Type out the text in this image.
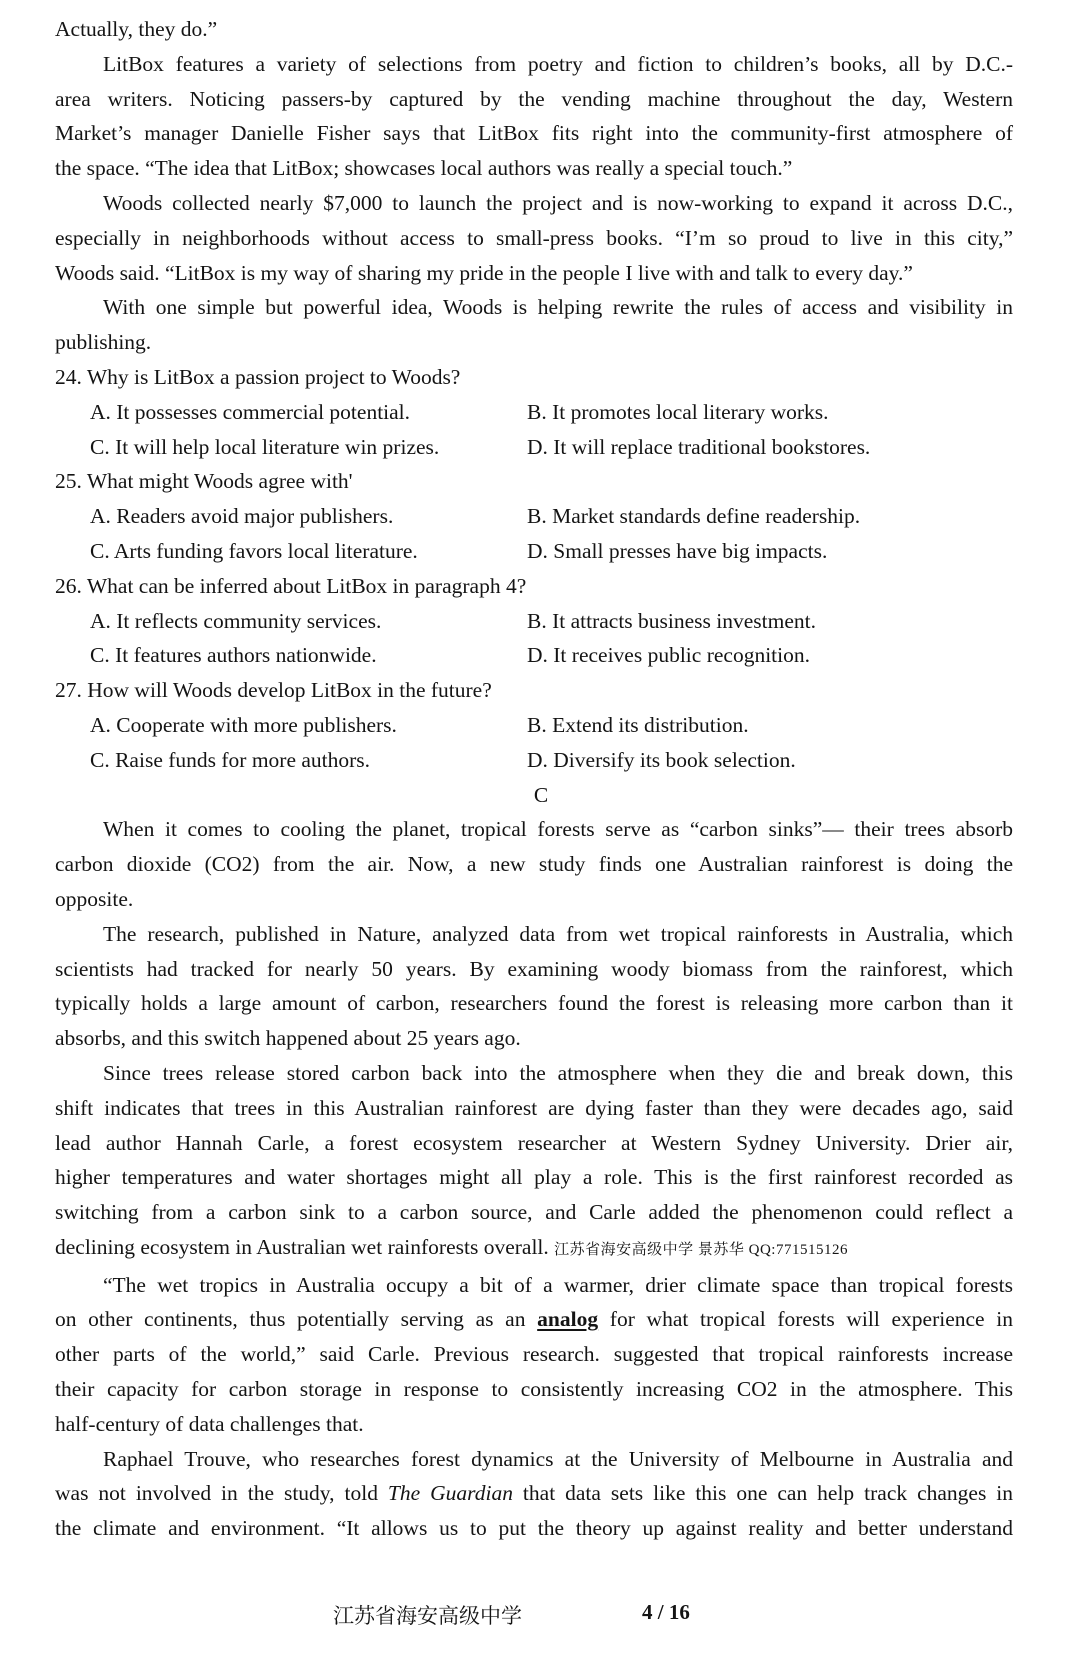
Actually, they do.”

LitBox features a variety of selections from poetry and fiction to children’s books, all by D.C.-
area writers. Noticing passers-by captured by the vending machine throughout the day, Western
Market’s manager Danielle Fisher says that LitBox fits right into the community-first atmosphere of
the space. “The idea that LitBox; showcases local authors was really a special touch.”

Woods collected nearly $7,000 to launch the project and is now-working to expand it across D.C.,
especially in neighborhoods without access to small-press books. “I’m so proud to live in this city,”
Woods said. “LitBox is my way of sharing my pride in the people I live with and talk to every day.”

With one simple but powerful idea, Woods is helping rewrite the rules of access and visibility in
publishing.

24. Why is LitBox a passion project to Woods?

A. It possesses commercial potential.	B. It promotes local literary works.
C. It will help local literature win prizes.	D. It will replace traditional bookstores.

25. What might Woods agree with'

A. Readers avoid major publishers.	B. Market standards define readership.
C. Arts funding favors local literature.	D. Small presses have big impacts.

26. What can be inferred about LitBox in paragraph 4?

A. It reflects community services.	B. It attracts business investment.
C. It features authors nationwide.	D. It receives public recognition.

27. How will Woods develop LitBox in the future?

A. Cooperate with more publishers.	B. Extend its distribution.
C. Raise funds for more authors.	D. Diversify its book selection.

C

When it comes to cooling the planet, tropical forests serve as “carbon sinks”— their trees absorb
carbon dioxide (CO2) from the air. Now, a new study finds one Australian rainforest is doing the
opposite.

The research, published in Nature, analyzed data from wet tropical rainforests in Australia, which
scientists had tracked for nearly 50 years. By examining woody biomass from the rainforest, which
typically holds a large amount of carbon, researchers found the forest is releasing more carbon than it
absorbs, and this switch happened about 25 years ago.

Since trees release stored carbon back into the atmosphere when they die and break down, this
shift indicates that trees in this Australian rainforest are dying faster than they were decades ago, said
lead author Hannah Carle, a forest ecosystem researcher at Western Sydney University. Drier air,
higher temperatures and water shortages might all play a role. This is the first rainforest recorded as
switching from a carbon sink to a carbon source, and Carle added the phenomenon could reflect a
declining ecosystem in Australian wet rainforests overall. 江苏省海安高级中学 景苏华 QQ:771515126

“The wet tropics in Australia occupy a bit of a warmer, drier climate space than tropical forests
on other continents, thus potentially serving as an analog for what tropical forests will experience in
other parts of the world,” said Carle. Previous research. suggested that tropical rainforests increase
their capacity for carbon storage in response to consistently increasing CO2 in the atmosphere. This
half-century of data challenges that.

Raphael Trouve, who researches forest dynamics at the University of Melbourne in Australia and
was not involved in the study, told The Guardian that data sets like this one can help track changes in
the climate and environment. “It allows us to put the theory up against reality and better understand

江苏省海安高级中学	4 / 16
